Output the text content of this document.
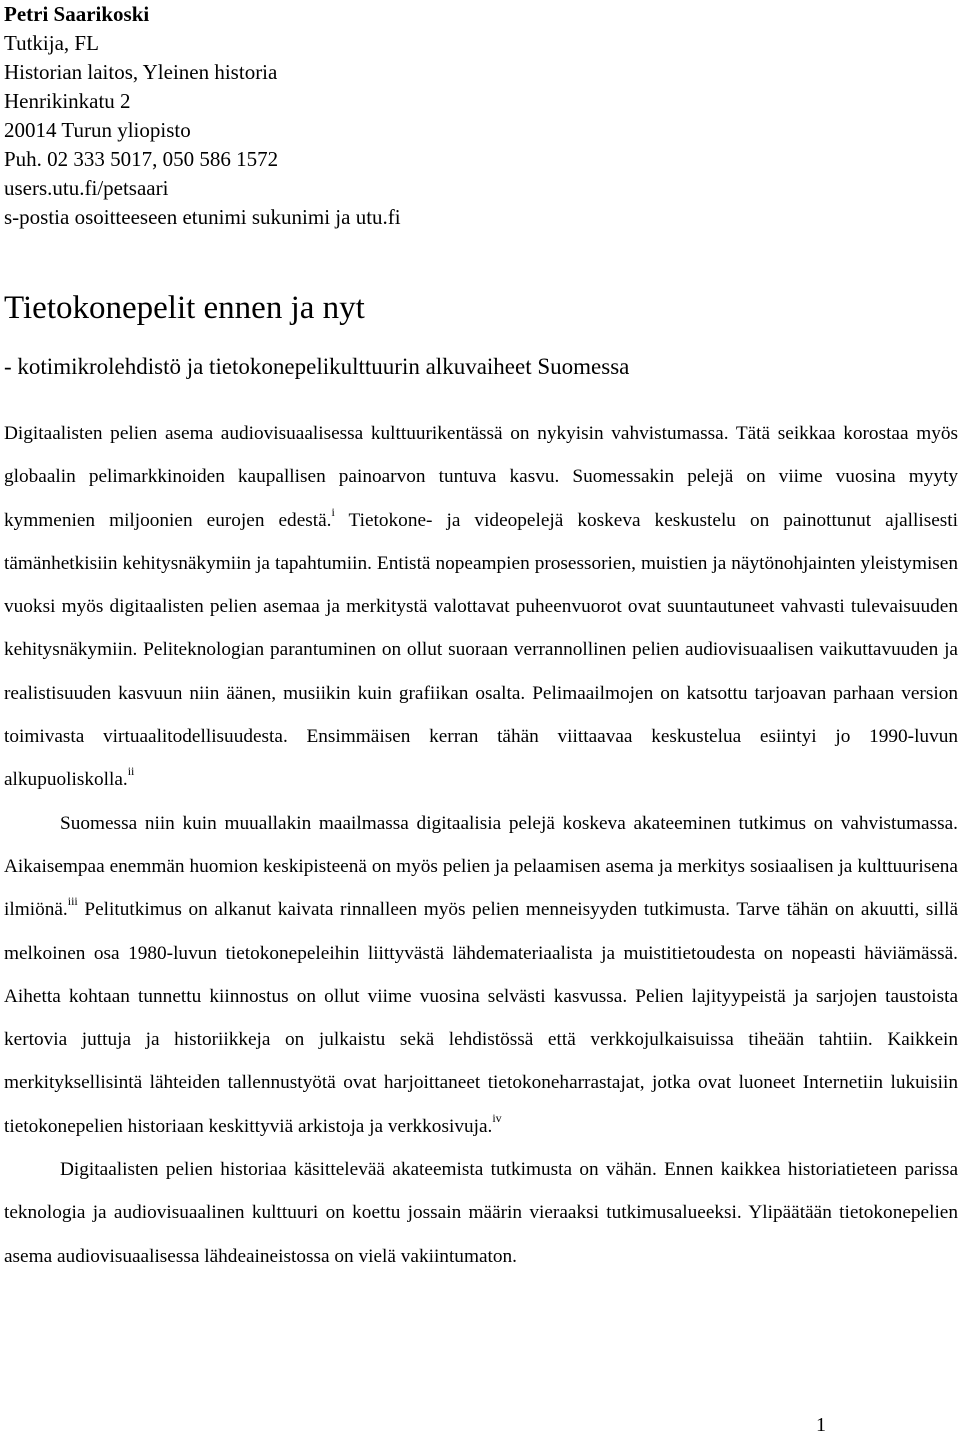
Petri Saarikoski
Tutkija, FL
Historian laitos, Yleinen historia
Henrikinkatu 2
20014 Turun yliopisto
Puh. 02 333 5017, 050 586 1572
users.utu.fi/petsaari
s-postia osoitteeseen etunimi sukunimi ja utu.fi
Tietokonepelit ennen ja nyt
- kotimikrolehdistö ja tietokonepelikulttuurin alkuvaiheet Suomessa

Digitaalisten pelien asema audiovisuaalisessa kulttuurikentässä on nykyisin vahvistumassa. Tätä seikkaa korostaa myös globaalin pelimarkkinoiden kaupallisen painoarvon tuntuva kasvu. Suomessakin pelejä on viime vuosina myyty kymmenien miljoonien eurojen edestä.$^i$ Tietokone- ja videopelejä koskeva keskustelu on painottunut ajallisesti tämänhetkisiin kehitysnäkymiin ja tapahtumiin. Entistä nopeampien prosessorien, muistien ja näytönohjainten yleistymisen vuoksi myös digitaalisten pelien asemaa ja merkitystä valottavat puheenvuorot ovat suuntautuneet vahvasti tulevaisuuden kehitysnäkymiin. Peliteknologian parantuminen on ollut suoraan verrannollinen pelien audiovisuaalisen vaikuttavuuden ja realistisuuden kasvuun niin äänen, musiikin kuin grafiikan osalta. Pelimaailmojen on katsottu tarjoavan parhaan version toimivasta virtuaalitodellisuudesta. Ensimmäisen kerran tähän viittaavaa keskustelua esiintyi jo 1990-luvun alkupuoliskolla.$^{ii}$

Suomessa niin kuin muuallakin maailmassa digitaalisia pelejä koskeva akateeminen tutkimus on vahvistumassa. Aikaisempaa enemmän huomion keskipisteenä on myös pelien ja pelaamisen asema ja merkitys sosiaalisen ja kulttuurisena ilmiönä.$^{iii}$ Pelitutkimus on alkanut kaivata rinnalleen myös pelien menneisyyden tutkimusta. Tarve tähän on akuutti, sillä melkoinen osa 1980-luvun tietokonepeleihin liittyvästä lähdemateriaalista ja muistitietoudesta on nopeasti häviämässä. Aihetta kohtaan tunnettu kiinnostus on ollut viime vuosina selvästi kasvussa. Pelien lajityypeistä ja sarjojen taustoista kertovia juttuja ja historiikkeja on julkaistu sekä lehdistössä että verkkojulkaisuissa tiheään tahtiin. Kaikkein merkityksellisintä lähteiden tallennustyötä ovat harjoittaneet tietokoneharrastajat, jotka ovat luoneet Internetiin lukuisiin tietokonepelien historiaan keskittyviä arkistoja ja verkkosivuja.$^{iv}$

Digitaalisten pelien historiaa käsittelevää akateemista tutkimusta on vähän. Ennen kaikkea historiatieteen parissa teknologia ja audiovisuaalinen kulttuuri on koettu jossain määrin vieraaksi tutkimusalueeksi. Ylipäätään tietokonepelien asema audiovisuaalisessa lähdeaineistossa on vielä vakiintumaton.

1
